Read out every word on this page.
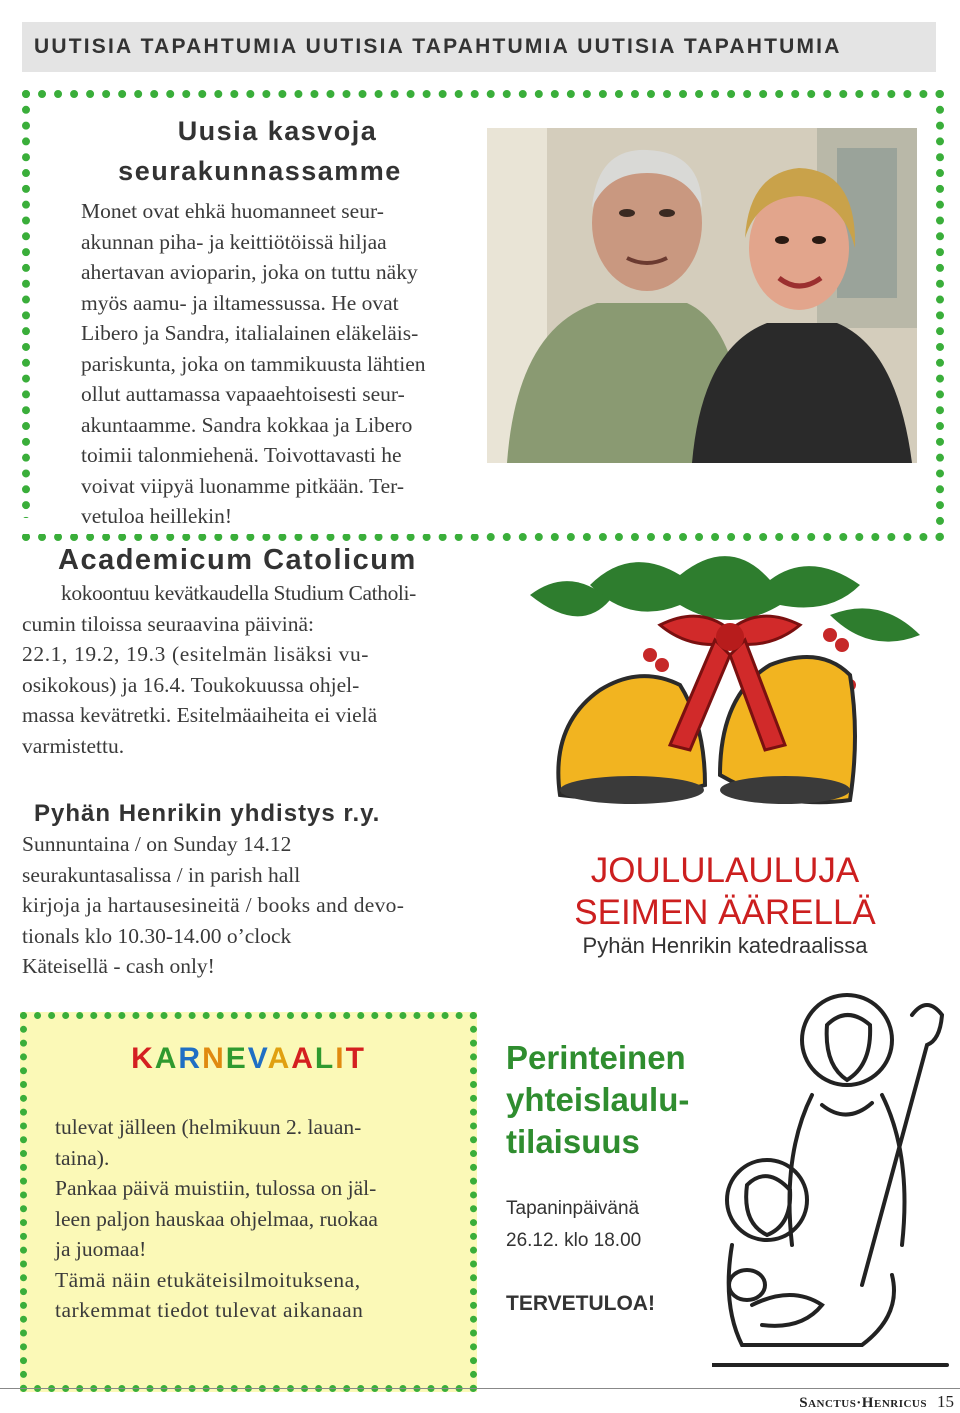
UUTISIA TAPAHTUMIA UUTISIA TAPAHTUMIA UUTISIA TAPAHTUMIA
Uusia kasvoja
seurakunnassamme
Monet ovat ehkä huomanneet seur-
akunnan piha- ja keittiötöissä hiljaa
ahertavan avioparin, joka on tuttu näky
myös aamu- ja iltamessussa. He ovat
Libero ja Sandra, italialainen eläkeläis-
pariskunta, joka on tammikuusta lähtien
ollut auttamassa vapaaehtoisesti seur-
akuntaamme. Sandra kokkaa ja Libero
toimii talonmiehenä. Toivottavasti he
voivat viipyä luonamme pitkään. Ter-
vetuloa heillekin!
Academicum Catolicum
kokoontuu kevätkaudella Studium Catholi-
cumin tiloissa seuraavina päivinä:
22.1, 19.2, 19.3 (esitelmän lisäksi vu-
osikokous) ja 16.4. Toukokuussa ohjel-
massa kevätretki. Esitelmäaiheita ei vielä
varmistettu.
Pyhän Henrikin yhdistys r.y.
Sunnuntaina / on Sunday 14.12
seurakuntasalissa / in parish hall
kirjoja ja hartausesineitä / books and devo-
tionals klo 10.30-14.00 o’clock
Käteisellä - cash only!
JOULULAULUJA
SEIMEN ÄÄRELLÄ
Pyhän Henrikin katedraalissa
KARNEVAALIT
tulevat jälleen (helmikuun 2. lauan-
taina).
Pankaa päivä muistiin, tulossa on jäl-
leen paljon hauskaa ohjelmaa, ruokaa
ja juomaa!
Tämä näin etukäteisilmoituksena,
tarkemmat tiedot tulevat aikanaan
Perinteinen
yhteislaulu-
tilaisuus
Tapaninpäivänä
26.12. klo 18.00
TERVETULOA!
Sanctus·Henricus 15
